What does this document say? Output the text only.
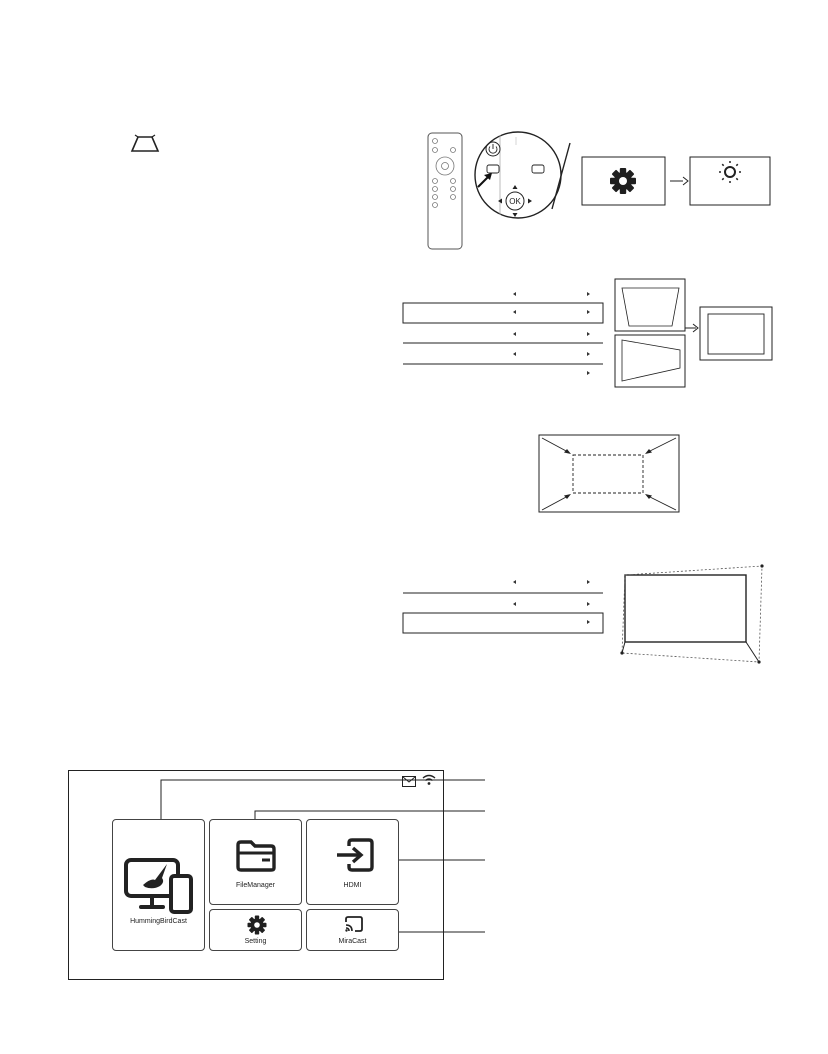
OK
HummingBirdCast
FileManager	HDMI
Setting	MiraCast
